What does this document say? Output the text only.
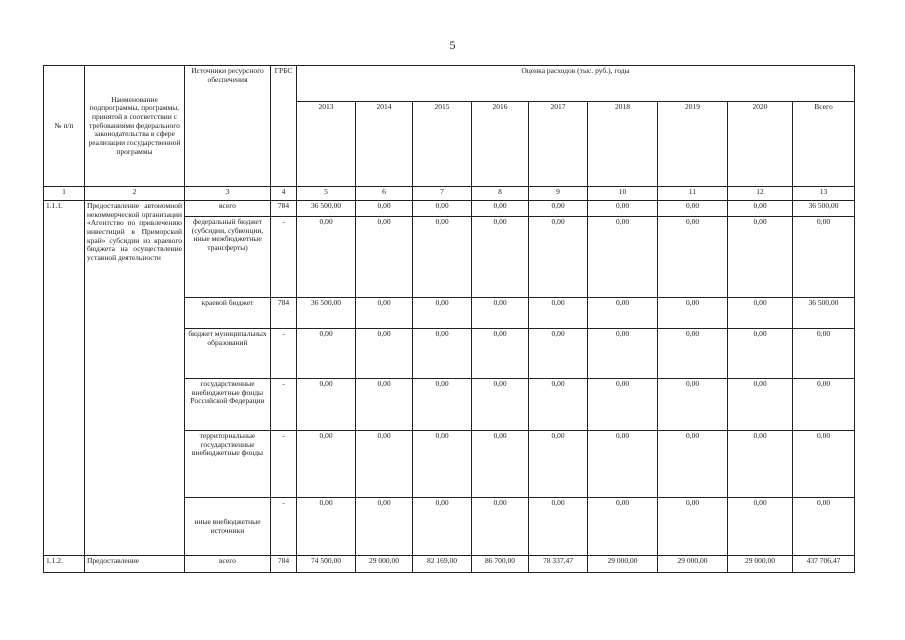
5
№ п/п	Наименование подпрограммы, программы, принятой в соответствии с требованиями федерального законодательства в сфере реализации государственной программы	Источники ресурсного обеспечения	ГРБС	Оценка расходов (тыс. руб.), годы								
				2013	2014	2015	2016	2017	2018	2019	2020	Всего
1	2	3	4	5	6	7	8	9	10	11	12	13
1.1.1.	Предоставление автономной некоммерческой организации «Агентство по привлечению инвестиций в Приморский край» субсидии из краевого бюджета на осуществление уставной деятельности	всего	784	36 500,00	0,00	0,00	0,00	0,00	0,00	0,00	0,00	36 500,00
		федеральный бюджет (субсидии, субвенции, иные межбюджетные трансферты)	-	0,00	0,00	0,00	0,00	0,00	0,00	0,00	0,00	0,00
		краевой бюджет	784	36 500,00	0,00	0,00	0,00	0,00	0,00	0,00	0,00	36 500,00
		бюджет муниципальных образований	-	0,00	0,00	0,00	0,00	0,00	0,00	0,00	0,00	0,00
		государственные внебюджетные фонды Российской Федерации	-	0,00	0,00	0,00	0,00	0,00	0,00	0,00	0,00	0,00
		территориальные государственные внебюджетные фонды	-	0,00	0,00	0,00	0,00	0,00	0,00	0,00	0,00	0,00
		иные внебюджетные источники	-	0,00	0,00	0,00	0,00	0,00	0,00	0,00	0,00	0,00
1.1.2.	Предоставление	всего	784	74 500,00	29 000,00	82 169,00	86 700,00	78 337,47	29 000,00	29 000,00	29 000,00	437 706,47
